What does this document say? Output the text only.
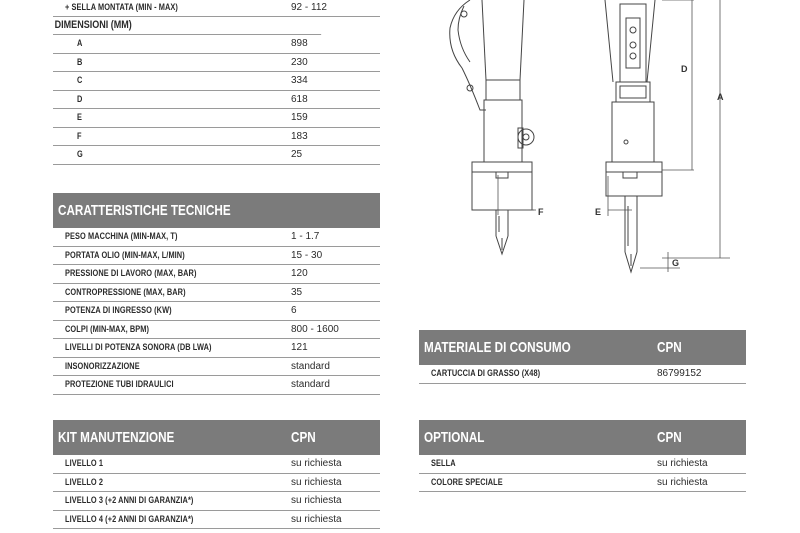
+ SELLA MONTATA (MIN - MAX)	92 - 112
DIMENSIONI (MM)
A	898
B	230
C	334
D	618
E	159
F	183
G	25
CARATTERISTICHE TECNICHE
PESO MACCHINA (MIN-MAX, T)	1 - 1.7
PORTATA OLIO (MIN-MAX, L/MIN)	15 - 30
PRESSIONE DI LAVORO (MAX, BAR)	120
CONTROPRESSIONE (MAX, BAR)	35
POTENZA DI INGRESSO (KW)	6
COLPI (MIN-MAX, BPM)	800 - 1600
LIVELLI DI POTENZA SONORA (DB LWA)	121
INSONORIZZAZIONE	standard
PROTEZIONE TUBI IDRAULICI	standard
KIT MANUTENZIONE	CPN
LIVELLO 1	su richiesta
LIVELLO 2	su richiesta
LIVELLO 3 (+2 ANNI DI GARANZIA*)	su richiesta
LIVELLO 4 (+2 ANNI DI GARANZIA*)	su richiesta
MATERIALE DI CONSUMO	CPN
CARTUCCIA DI GRASSO (X48)	86799152
OPTIONAL	CPN
SELLA	su richiesta
COLORE SPECIALE	su richiesta
A
D
F	E
G
